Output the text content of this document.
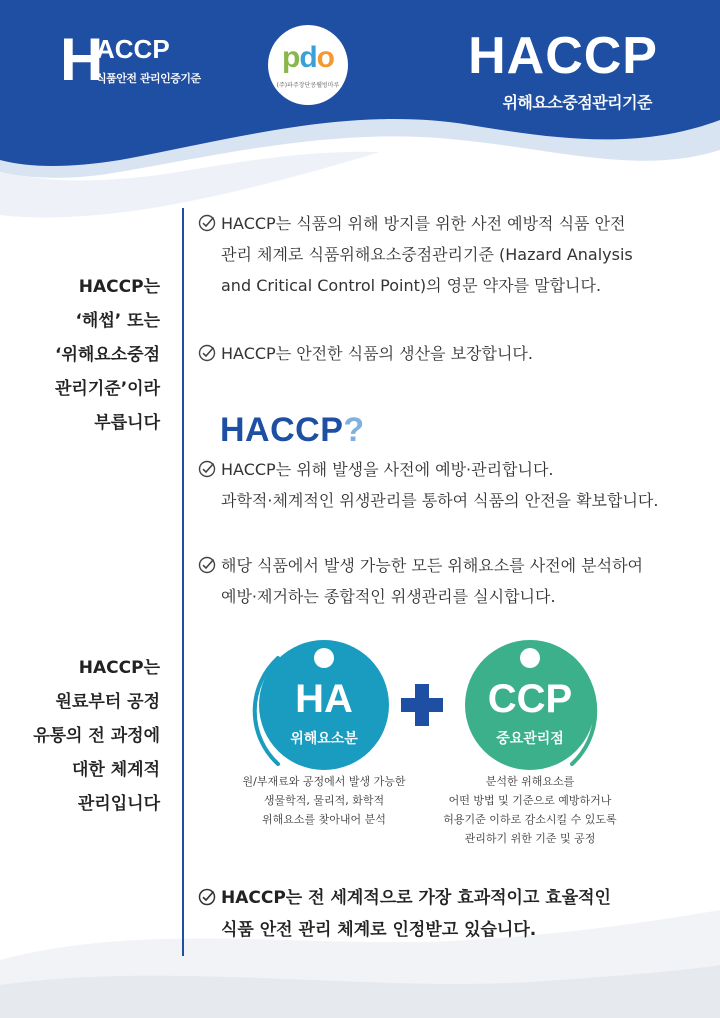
H
ACCP
식품안전 관리인증기준
pdo
(주)파주장단콩웰빙마루
HACCP
위해요소중점관리기준
HACCP는
‘해썹’ 또는
‘위해요소중점
관리기준’이라
부릅니다
HACCP는
원료부터 공정
유통의 전 과정에
대한 체계적
관리입니다
HACCP는 식품의 위해 방지를 위한 사전 예방적 식품 안전
관리 체계로 식품위해요소중점관리기준 (Hazard Analysis
and Critical Control Point)의 영문 약자를 말합니다.
HACCP는 안전한 식품의 생산을 보장합니다.
HACCP?
HACCP는 위해 발생을 사전에 예방·관리합니다.
과학적·체계적인 위생관리를 통하여 식품의 안전을 확보합니다.
해당 식품에서 발생 가능한 모든 위해요소를 사전에 분석하여
예방·제거하는 종합적인 위생관리를 실시합니다.
HA
위해요소분
CCP
중요관리점
원/부재료와 공정에서 발생 가능한
생물학적, 물리적, 화학적
위해요소를 찾아내어 분석
분석한 위해요소를
어떤 방법 및 기준으로 예방하거나
허용기준 이하로 감소시킬 수 있도록
관리하기 위한 기준 및 공정
HACCP는 전 세계적으로 가장 효과적이고 효율적인
식품 안전 관리 체계로 인정받고 있습니다.
